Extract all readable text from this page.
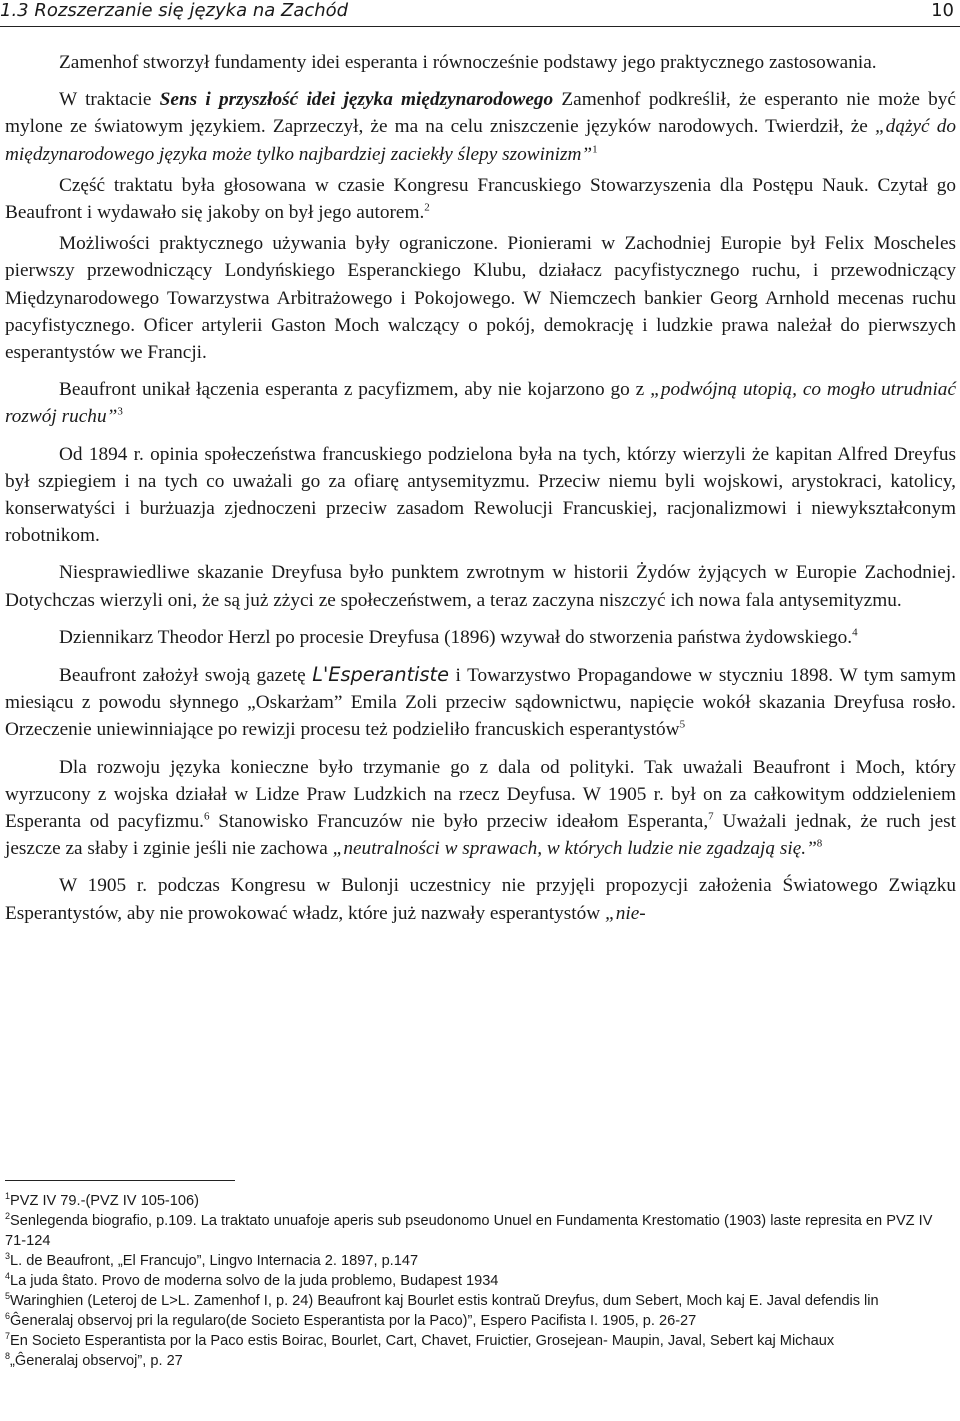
1.3 Rozszerzanie się języka na Zachód	10

Zamenhof stworzył fundamenty idei esperanta i równocześnie podstawy jego praktycznego zastosowania.

W traktacie Sens i przyszłość idei języka międzynarodowego Zamenhof podkreślił, że esperanto nie może być mylone ze światowym językiem. Zaprzeczył, że ma na celu zniszczenie języków narodowych. Twierdził, że „dążyć do międzynarodowego języka może tylko najbardziej zaciekły ślepy szowinizm”$^1$

Część traktatu była głosowana w czasie Kongresu Francuskiego Stowarzyszenia dla Postępu Nauk. Czytał go Beaufront i wydawało się jakoby on był jego autorem.$^2$

Możliwości praktycznego używania były ograniczone. Pionierami w Zachodniej Europie był Felix Moscheles pierwszy przewodniczący Londyńskiego Esperanckiego Klubu, działacz pacyfistycznego ruchu, i przewodniczący Międzynarodowego Towarzystwa Arbitrażowego i Pokojowego. W Niemczech bankier Georg Arnhold mecenas ruchu pacyfistycznego. Oficer artylerii Gaston Moch walczący o pokój, demokrację i ludzkie prawa należał do pierwszych esperantystów we Francji.

Beaufront unikał łączenia esperanta z pacyfizmem, aby nie kojarzono go z „podwójną utopią, co mogło utrudniać rozwój ruchu”$^3$

Od 1894 r. opinia społeczeństwa francuskiego podzielona była na tych, którzy wierzyli że kapitan Alfred Dreyfus był szpiegiem i na tych co uważali go za ofiarę antysemityzmu. Przeciw niemu byli wojskowi, arystokraci, katolicy, konserwatyści i burżuazja zjednoczeni przeciw zasadom Rewolucji Francuskiej, racjonalizmowi i niewykształconym robotnikom.

Niesprawiedliwe skazanie Dreyfusa było punktem zwrotnym w historii Żydów żyjących w Europie Zachodniej. Dotychczas wierzyli oni, że są już zżyci ze społeczeństwem, a teraz zaczyna niszczyć ich nowa fala antysemityzmu.

Dziennikarz Theodor Herzl po procesie Dreyfusa (1896) wzywał do stworzenia państwa żydowskiego.$^4$

Beaufront założył swoją gazetę L'Esperantiste i Towarzystwo Propagandowe w styczniu 1898. W tym samym miesiącu z powodu słynnego „Oskarżam” Emila Zoli przeciw sądownictwu, napięcie wokół skazania Dreyfusa rosło. Orzeczenie uniewinniające po rewizji procesu też podzieliło francuskich esperantystów$^5$

Dla rozwoju języka konieczne było trzymanie go z dala od polityki. Tak uważali Beaufront i Moch, który wyrzucony z wojska działał w Lidze Praw Ludzkich na rzecz Deyfusa. W 1905 r. był on za całkowitym oddzieleniem Esperanta od pacyfizmu.$^6$ Stanowisko Francuzów nie było przeciw ideałom Esperanta,$^7$ Uważali jednak, że ruch jest jeszcze za słaby i zginie jeśli nie zachowa „neutralności w sprawach, w których ludzie nie zgadzają się.”$^8$

W 1905 r. podczas Kongresu w Bulonji uczestnicy nie przyjęli propozycji założenia Światowego Związku Esperantystów, aby nie prowokować władz, które już nazwały esperantystów „nie-

$^1$PVZ IV 79.-(PVZ IV 105-106)

$^2$Senlegenda biografio, p.109. La traktato unuafoje aperis sub pseudonomo Unuel en Fundamenta Krestomatio (1903) laste represita en PVZ IV 71-124

$^3$L. de Beaufront, „El Francujo”, Lingvo Internacia 2. 1897, p.147

$^4$La juda ŝtato. Provo de moderna solvo de la juda problemo, Budapest 1934

$^5$Waringhien (Leteroj de L>L. Zamenhof I, p. 24) Beaufront kaj Bourlet estis kontraŭ Dreyfus, dum Sebert, Moch kaj E. Javal defendis lin

$^6$Ĝeneralaj observoj pri la regularo(de Societo Esperantista por la Paco)”, Espero Pacifista I. 1905, p. 26-27

$^7$En Societo Esperantista por la Paco estis Boirac, Bourlet, Cart, Chavet, Fruictier, Grosejean- Maupin, Javal, Sebert kaj Michaux

$^8$„Ĝeneralaj observoj”, p. 27
